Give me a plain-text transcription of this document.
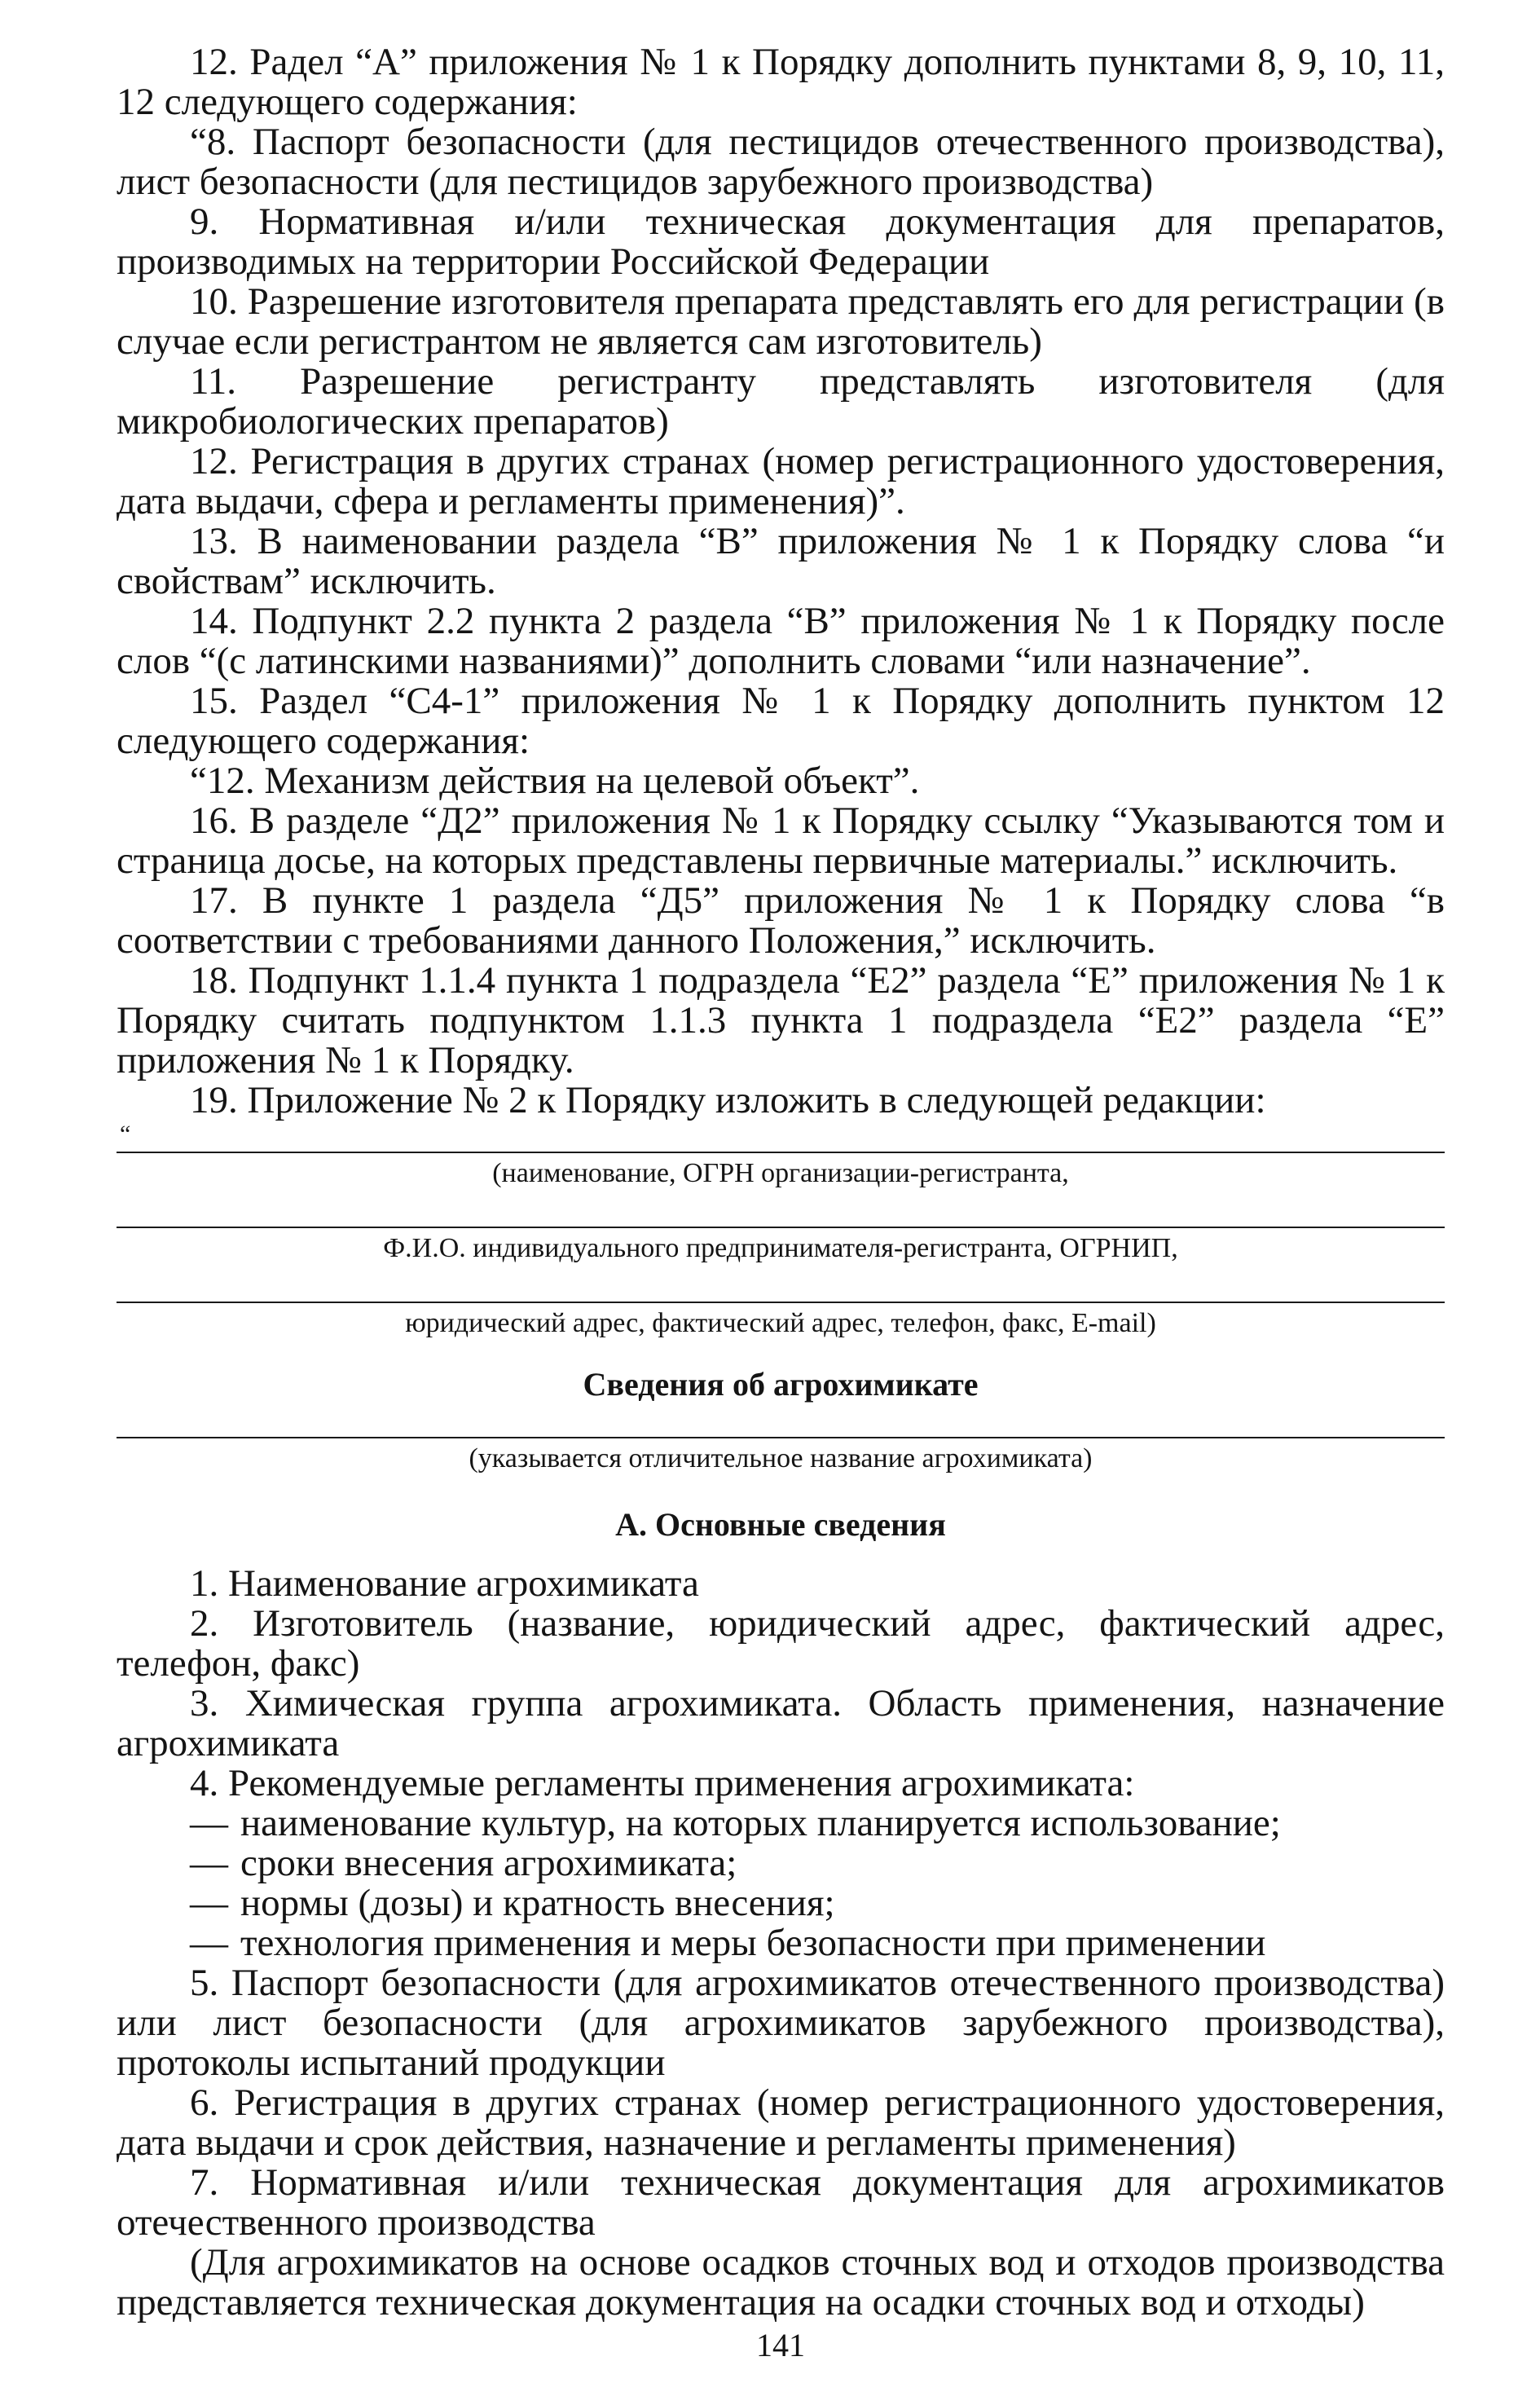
12. Радел “А” приложения № 1 к Порядку дополнить пунктами 8, 9, 10, 11, 12 следующего содержания:

“8. Паспорт безопасности (для пестицидов отечественного производства), лист безопасности (для пестицидов зарубежного производства)

9. Нормативная и/или техническая документация для препаратов, производимых на территории Российской Федерации

10. Разрешение изготовителя препарата представлять его для регистрации (в случае если регистрантом не является сам изготовитель)

11. Разрешение регистранту представлять изготовителя (для микробиологических препаратов)

12. Регистрация в других странах (номер регистрационного удостоверения, дата выдачи, сфера и регламенты применения)”.

13. В наименовании раздела “В” приложения № 1 к Порядку слова “и свойствам” исключить.

14. Подпункт 2.2 пункта 2 раздела “В” приложения № 1 к Порядку после слов “(с латинскими названиями)” дополнить словами “или назначение”.

15. Раздел “С4-1” приложения № 1 к Порядку дополнить пунктом 12 следующего содержания:

“12. Механизм действия на целевой объект”.

16. В разделе “Д2” приложения № 1 к Порядку ссылку “Указываются том и страница досье, на которых представлены первичные материалы.” исключить.

17. В пункте 1 раздела “Д5” приложения № 1 к Порядку слова “в соответствии с требованиями данного Положения,” исключить.

18. Подпункт 1.1.4 пункта 1 подраздела “Е2” раздела “Е” приложения № 1 к Порядку считать подпунктом 1.1.3 пункта 1 подраздела “Е2” раздела “Е” приложения № 1 к Порядку.

19. Приложение № 2 к Порядку изложить в следующей редакции:

“

(наименование, ОГРН организации-регистранта,

Ф.И.О. индивидуального предпринимателя-регистранта, ОГРНИП,

юридический адрес, фактический адрес, телефон, факс, E-mail)

Сведения об агрохимикате

(указывается отличительное название агрохимиката)

А. Основные сведения

1. Наименование агрохимиката

2. Изготовитель (название, юридический адрес, фактический адрес, телефон, факс)

3. Химическая группа агрохимиката. Область применения, назначение агрохимиката

4. Рекомендуемые регламенты применения агрохимиката:

— наименование культур, на которых планируется использование;

— сроки внесения агрохимиката;

— нормы (дозы) и кратность внесения;

— технология применения и меры безопасности при применении

5. Паспорт безопасности (для агрохимикатов отечественного производства) или лист безопасности (для агрохимикатов зарубежного производства), протоколы испытаний продукции

6. Регистрация в других странах (номер регистрационного удостоверения, дата выдачи и срок действия, назначение и регламенты применения)

7. Нормативная и/или техническая документация для агрохимикатов отечественного производства

(Для агрохимикатов на основе осадков сточных вод и отходов производства представляется техническая документация на осадки сточных вод и отходы)

141
